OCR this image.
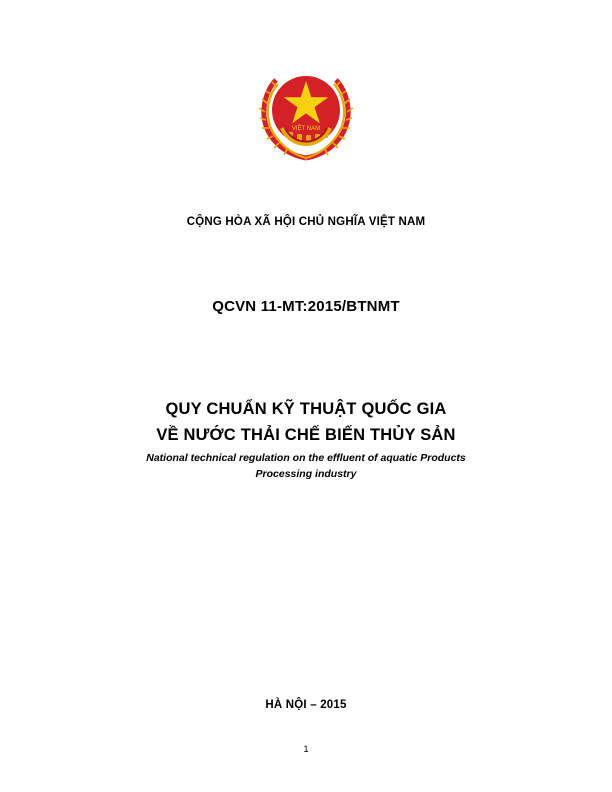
VIỆT NAM
CỘNG HÒA XÃ HỘI CHỦ NGHĨA VIỆT NAM
QCVN 11-MT:2015/BTNMT
QUY CHUẨN KỸ THUẬT QUỐC GIA
VỀ NƯỚC THẢI CHẾ BIẾN THỦY SẢN
National technical regulation on the effluent of aquatic Products
Processing industry
HÀ NỘI – 2015
1
